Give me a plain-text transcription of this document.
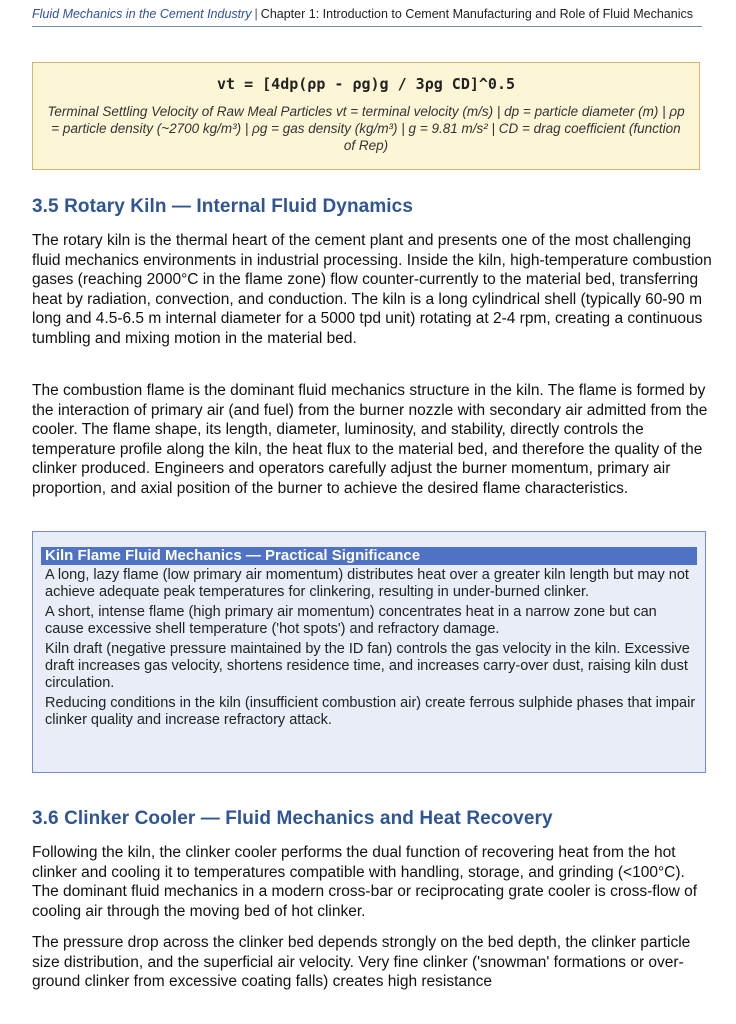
Fluid Mechanics in the Cement Industry | Chapter 1: Introduction to Cement Manufacturing and Role of Fluid Mechanics
vt = [4dp(ρp - ρg)g / 3ρg CD]^0.5
Terminal Settling Velocity of Raw Meal Particles vt = terminal velocity (m/s) | dp = particle diameter (m) | ρp = particle density (~2700 kg/m³) | ρg = gas density (kg/m³) | g = 9.81 m/s² | CD = drag coefficient (function of Rep)
3.5 Rotary Kiln — Internal Fluid Dynamics

The rotary kiln is the thermal heart of the cement plant and presents one of the most challenging fluid mechanics environments in industrial processing. Inside the kiln, high-temperature combustion gases (reaching 2000°C in the flame zone) flow counter-currently to the material bed, transferring heat by radiation, convection, and conduction. The kiln is a long cylindrical shell (typically 60-90 m long and 4.5-6.5 m internal diameter for a 5000 tpd unit) rotating at 2-4 rpm, creating a continuous tumbling and mixing motion in the material bed.

The combustion flame is the dominant fluid mechanics structure in the kiln. The flame is formed by the interaction of primary air (and fuel) from the burner nozzle with secondary air admitted from the cooler. The flame shape, its length, diameter, luminosity, and stability, directly controls the temperature profile along the kiln, the heat flux to the material bed, and therefore the quality of the clinker produced. Engineers and operators carefully adjust the burner momentum, primary air proportion, and axial position of the burner to achieve the desired flame characteristics.

Kiln Flame Fluid Mechanics — Practical Significance
A long, lazy flame (low primary air momentum) distributes heat over a greater kiln length but may not achieve adequate peak temperatures for clinkering, resulting in under-burned clinker.
A short, intense flame (high primary air momentum) concentrates heat in a narrow zone but can cause excessive shell temperature ('hot spots') and refractory damage.
Kiln draft (negative pressure maintained by the ID fan) controls the gas velocity in the kiln. Excessive draft increases gas velocity, shortens residence time, and increases carry-over dust, raising kiln dust circulation.
Reducing conditions in the kiln (insufficient combustion air) create ferrous sulphide phases that impair clinker quality and increase refractory attack.
3.6 Clinker Cooler — Fluid Mechanics and Heat Recovery

Following the kiln, the clinker cooler performs the dual function of recovering heat from the hot clinker and cooling it to temperatures compatible with handling, storage, and grinding (<100°C). The dominant fluid mechanics in a modern cross-bar or reciprocating grate cooler is cross-flow of cooling air through the moving bed of hot clinker.

The pressure drop across the clinker bed depends strongly on the bed depth, the clinker particle size distribution, and the superficial air velocity. Very fine clinker ('snowman' formations or over-ground clinker from excessive coating falls) creates high resistance
